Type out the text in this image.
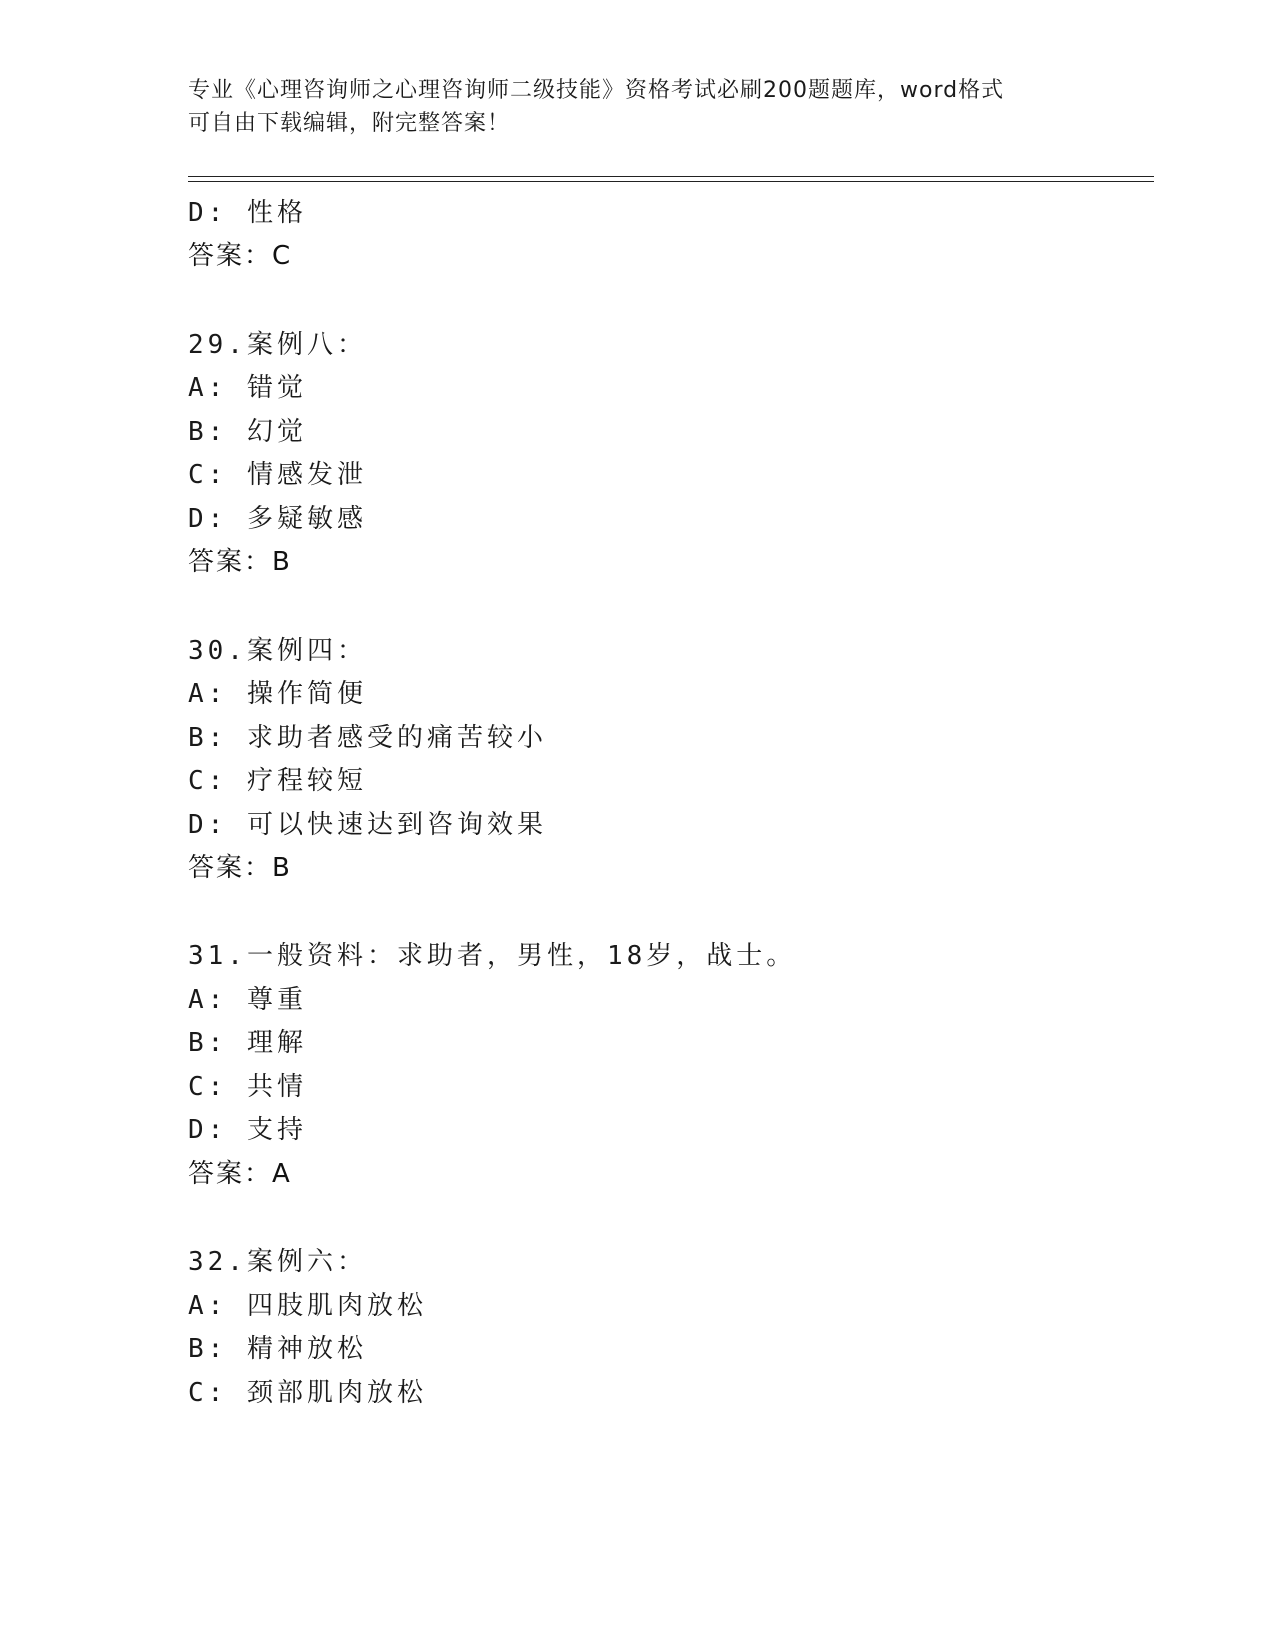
专业《心理咨询师之心理咨询师二级技能》资格考试必刷200题题库，word格式
可自由下载编辑，附完整答案！
D: 性格
答案：C
29.案例八：
A: 错觉
B: 幻觉
C: 情感发泄
D: 多疑敏感
答案：B
30.案例四：
A: 操作简便
B: 求助者感受的痛苦较小
C: 疗程较短
D: 可以快速达到咨询效果
答案：B
31.一般资料：求助者，男性，18岁，战士。
A: 尊重
B: 理解
C: 共情
D: 支持
答案：A
32.案例六：
A: 四肢肌肉放松
B: 精神放松
C: 颈部肌肉放松
